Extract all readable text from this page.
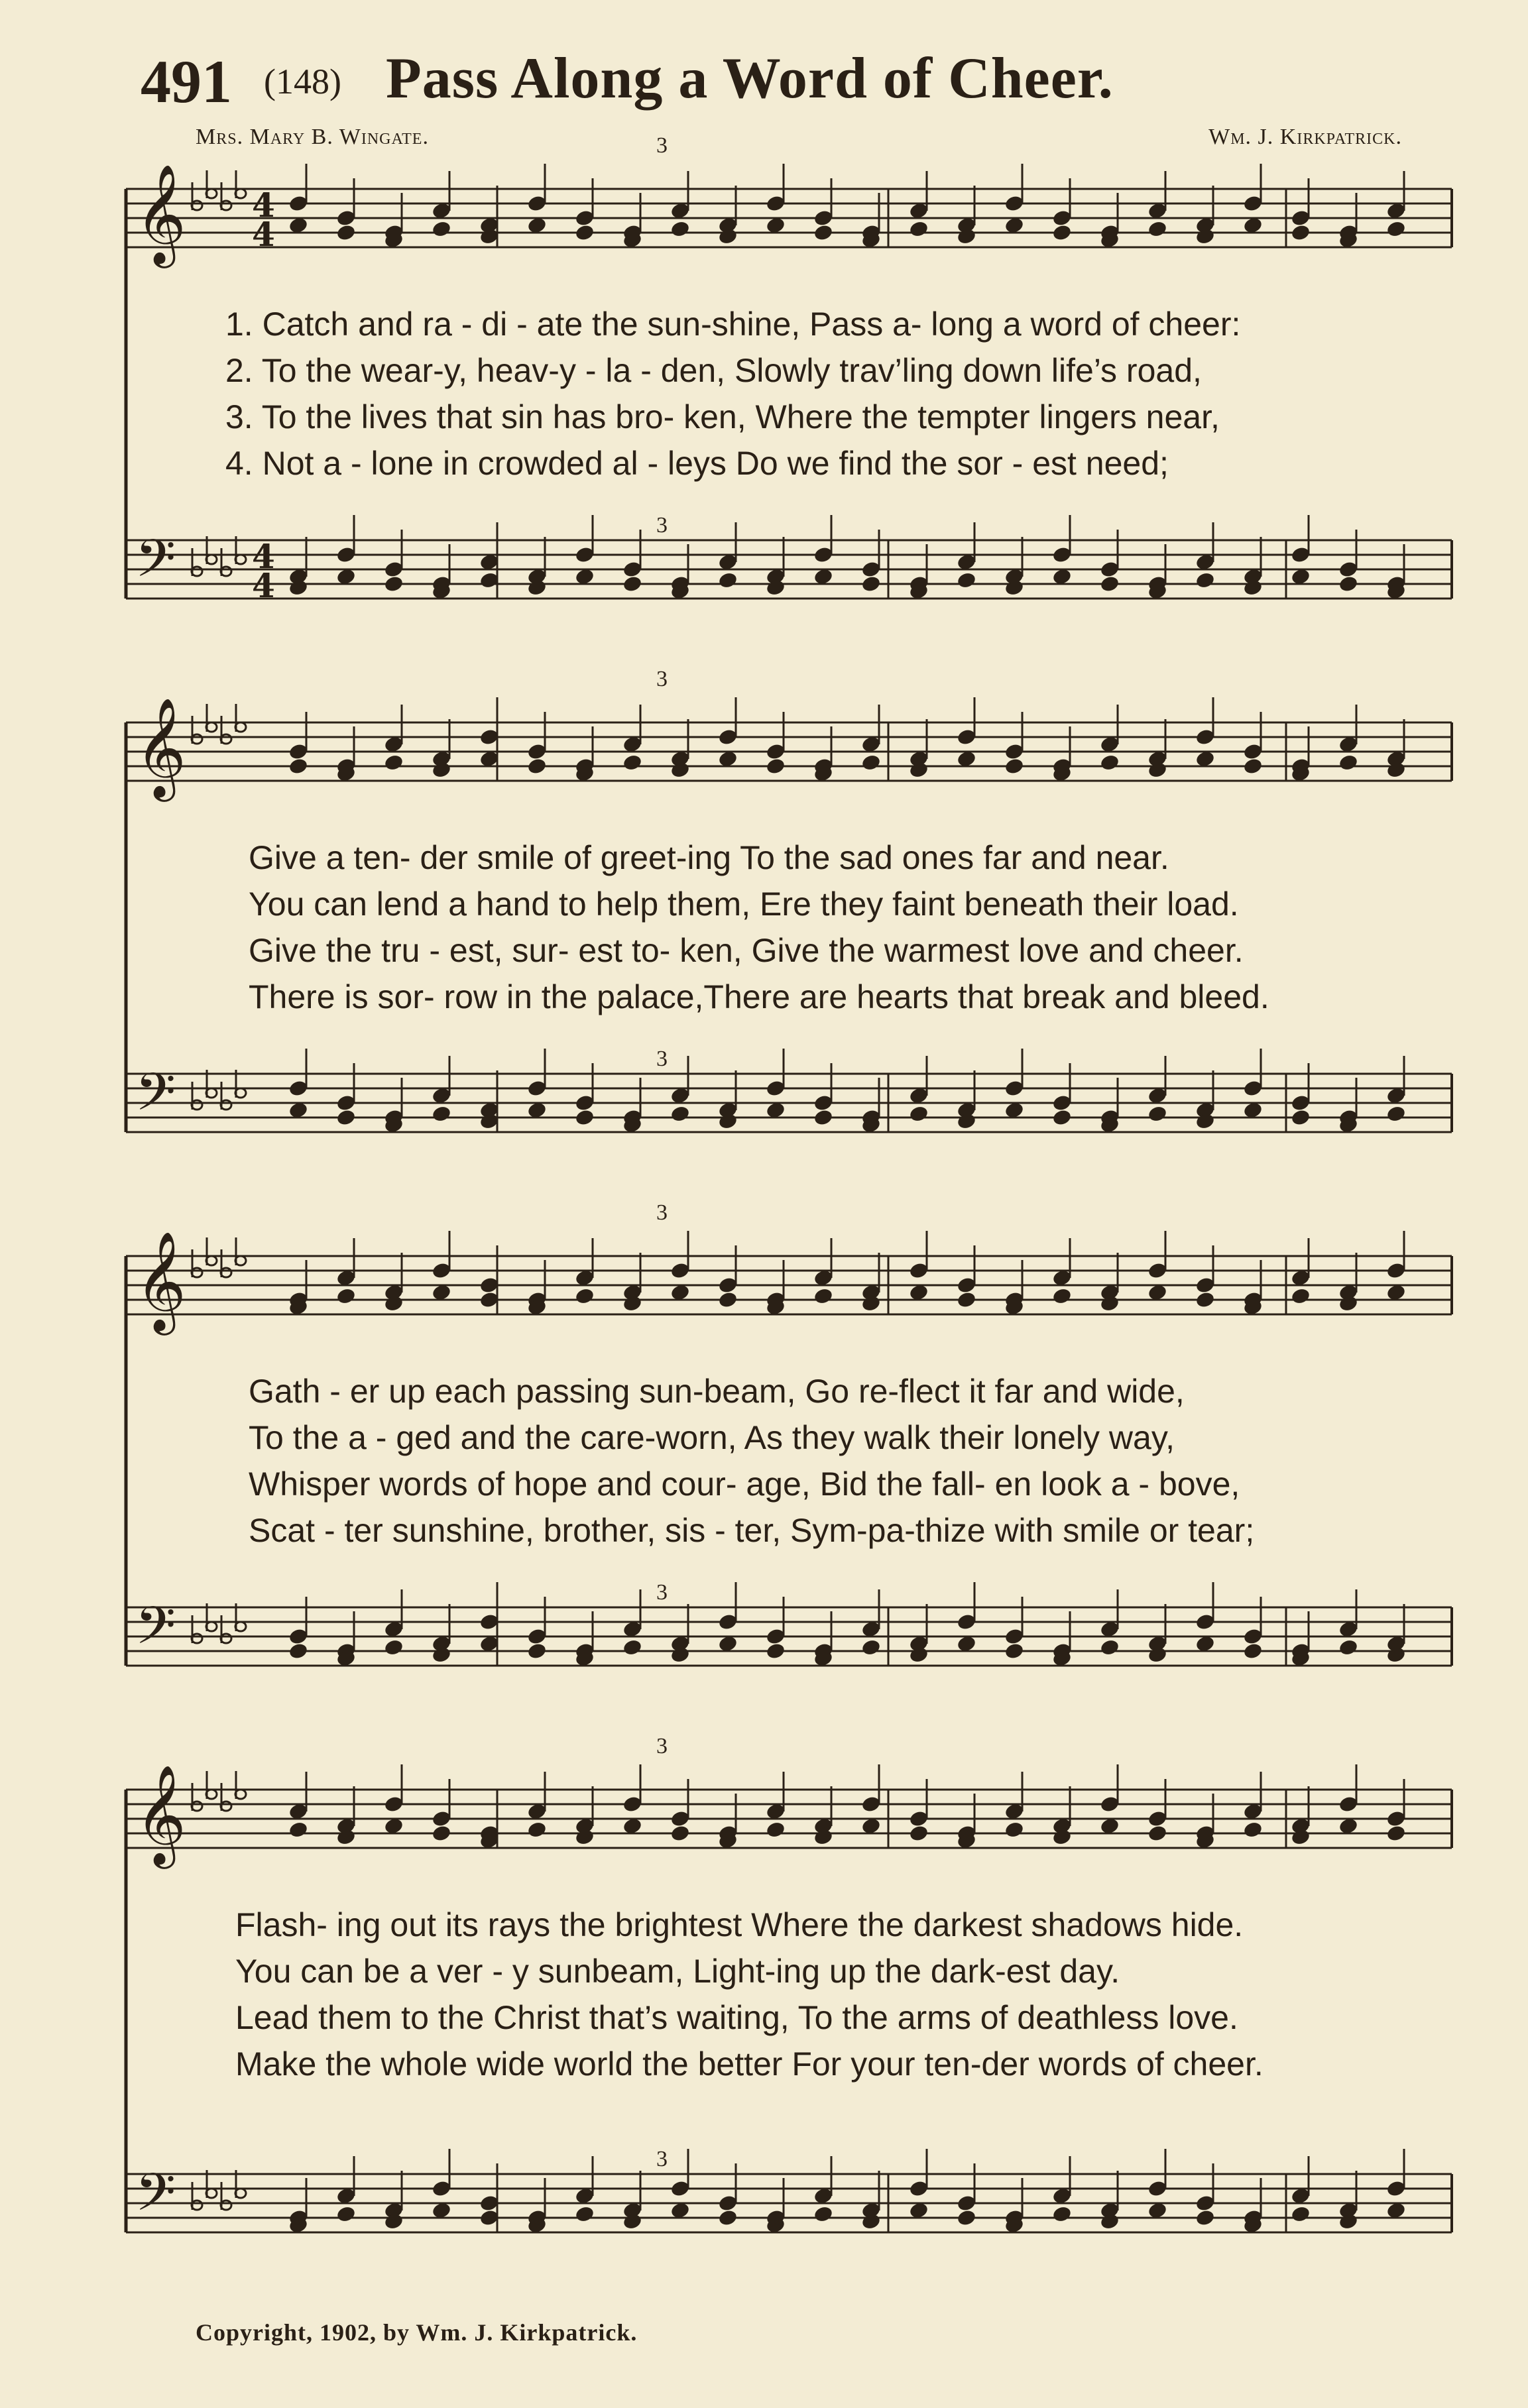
491 (148) Pass Along a Word of Cheer.
Mrs. Mary B. Wingate.	Wm. J. Kirkpatrick.
𝄞
𝄢
4
4
4
4
3
3
1. Catch and ra - di - ate the sun-shine, Pass a- long a word of cheer:
2. To the wear-y, heav-y - la - den, Slowly trav’ling down life’s road,
3. To the lives that sin has bro- ken, Where the tempter lingers near,
4. Not a - lone in crowded al - leys Do we find the sor - est need;
𝄞
𝄢
3
3
Give a ten- der smile of greet-ing To the sad ones far and near.
You can lend a hand to help them, Ere they faint beneath their load.
Give the tru - est, sur- est to- ken, Give the warmest love and cheer.
There is sor- row in the palace,There are hearts that break and bleed.
𝄞
𝄢
3
3
Gath - er up each passing sun-beam, Go re-flect it far and wide,
To the a - ged and the care-worn, As they walk their lonely way,
Whisper words of hope and cour- age, Bid the fall- en look a - bove,
Scat - ter sunshine, brother, sis - ter, Sym-pa-thize with smile or tear;
𝄞
𝄢
3
3
Flash- ing out its rays the brightest Where the darkest shadows hide.
You can be a ver - y sunbeam, Light-ing up the dark-est day.
Lead them to the Christ that’s waiting, To the arms of deathless love.
Make the whole wide world the better For your ten-der words of cheer.
Copyright, 1902, by Wm. J. Kirkpatrick.
